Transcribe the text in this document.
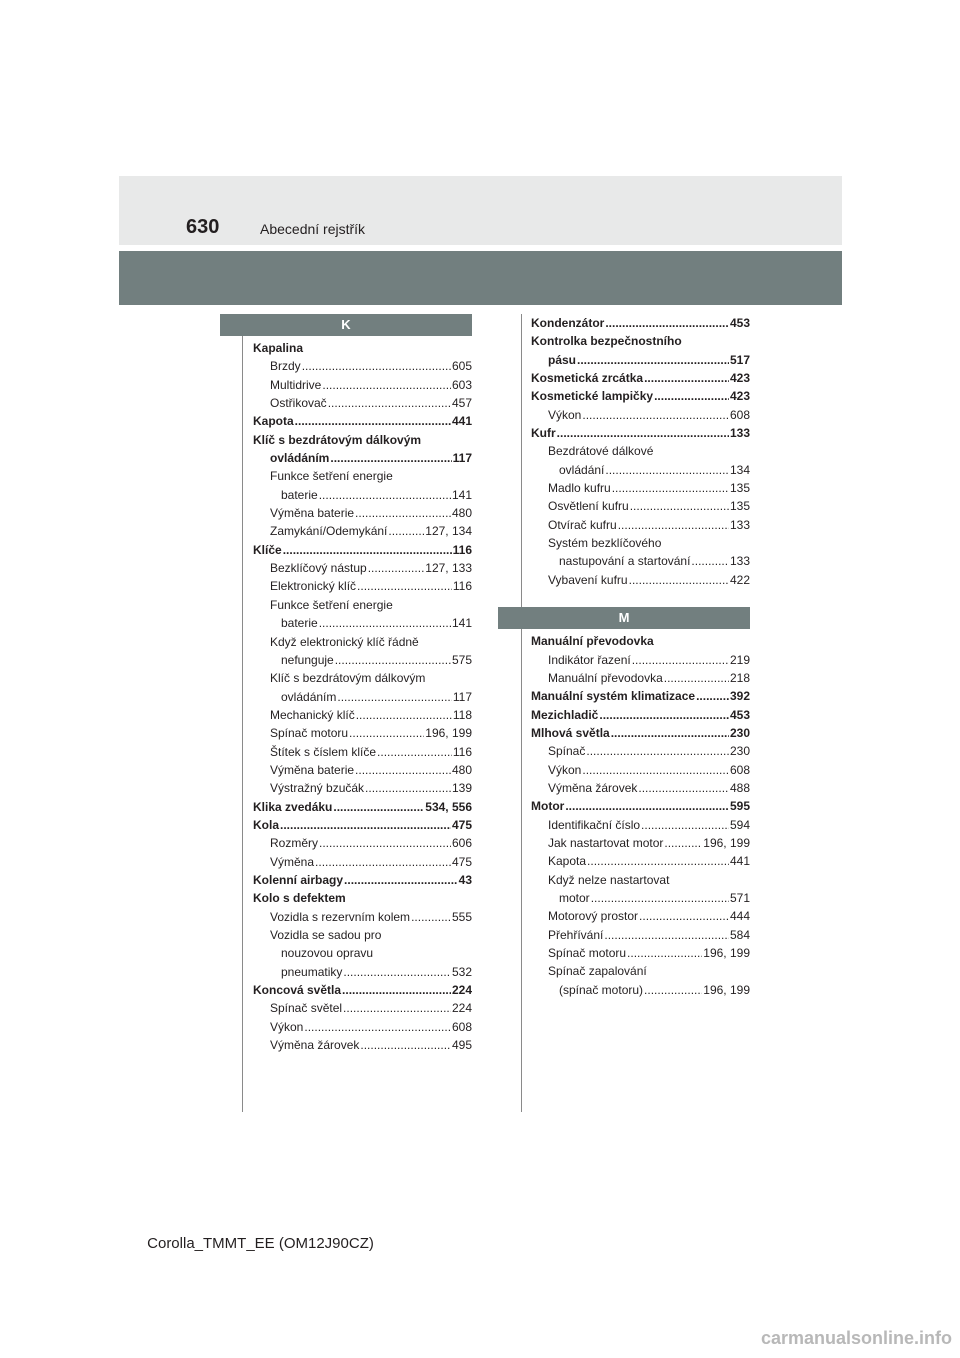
630	Abecední rejstřík
K
Kapalina
Brzdy .....	605
Multidrive .....	603
Ostřikovač .....	457
Kapota .....	441
Klíč s bezdrátovým dálkovým
ovládáním .....	117
Funkce šetření energie
baterie .....	141
Výměna baterie .....	480
Zamykání/Odemykání .....	127, 134
Klíče .....	116
Bezklíčový nástup .....	127, 133
Elektronický klíč .....	116
Funkce šetření energie
baterie .....	141
Když elektronický klíč řádně
nefunguje .....	575
Klíč s bezdrátovým dálkovým
ovládáním .....	117
Mechanický klíč .....	118
Spínač motoru .....	196, 199
Štítek s číslem klíče .....	116
Výměna baterie .....	480
Výstražný bzučák .....	139
Klika zvedáku .....	534, 556
Kola .....	475
Rozměry .....	606
Výměna .....	475
Kolenní airbagy .....	43
Kolo s defektem
Vozidla s rezervním kolem .....	555
Vozidla se sadou pro
nouzovou opravu
pneumatiky .....	532
Koncová světla .....	224
Spínač světel .....	224
Výkon .....	608
Výměna žárovek .....	495
Kondenzátor .....	453
Kontrolka bezpečnostního
pásu .....	517
Kosmetická zrcátka .....	423
Kosmetické lampičky .....	423
Výkon .....	608
Kufr .....	133
Bezdrátové dálkové
ovládání .....	134
Madlo kufru .....	135
Osvětlení kufru .....	135
Otvírač kufru .....	133
Systém bezklíčového
nastupování a startování .....	133
Vybavení kufru .....	422
M
Manuální převodovka
Indikátor řazení .....	219
Manuální převodovka .....	218
Manuální systém klimatizace .....	392
Mezichladič .....	453
Mlhová světla .....	230
Spínač .....	230
Výkon .....	608
Výměna žárovek .....	488
Motor .....	595
Identifikační číslo .....	594
Jak nastartovat motor .....	196, 199
Kapota .....	441
Když nelze nastartovat
motor .....	571
Motorový prostor .....	444
Přehřívání .....	584
Spínač motoru .....	196, 199
Spínač zapalování
(spínač motoru) .....	196, 199
Corolla_TMMT_EE (OM12J90CZ)
carmanualsonline.info
